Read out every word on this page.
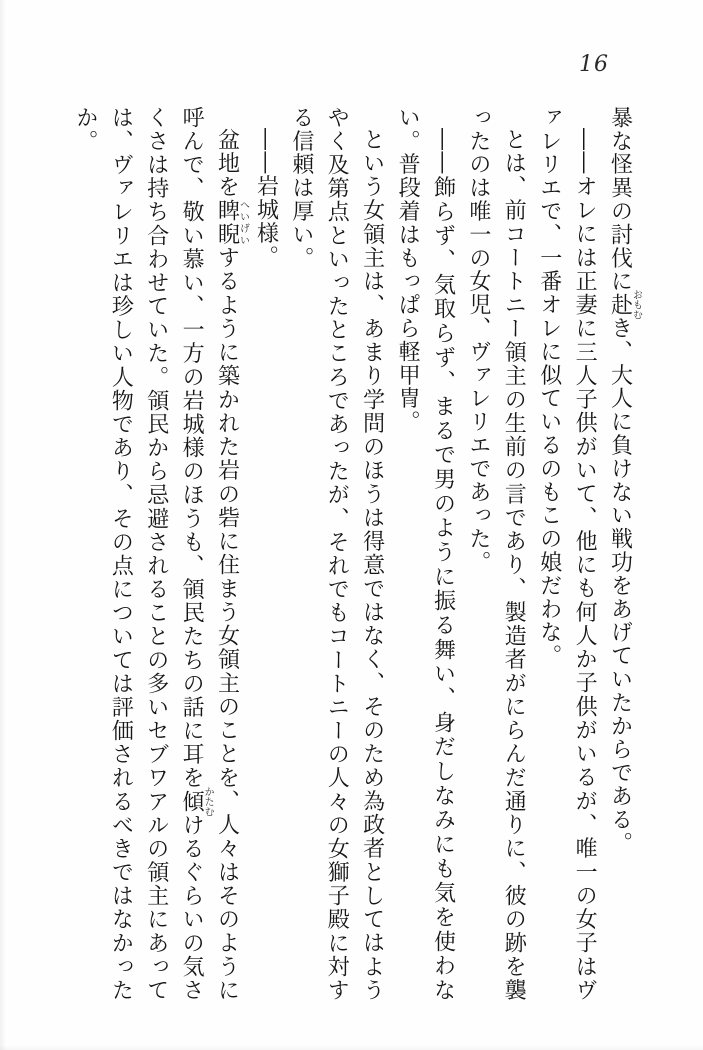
16

暴な怪異の討伐に赴おもむき、大人に負けない戦功をあげていたからである。

――オレには正妻に三人子供がいて、他にも何人か子供がいるが、唯一の女子はヴァレリエで、一番オレに似ているのもこの娘だわな。

とは、前コートニー領主の生前の言であり、製造者がにらんだ通りに、彼の跡を襲ったのは唯一の女児、ヴァレリエであった。

――飾らず、気取らず、まるで男のように振る舞い、身だしなみにも気を使わない。普段着はもっぱら軽甲冑。

という女領主は、あまり学問のほうは得意ではなく、そのため為政者としてはようやく及第点といったところであったが、それでもコートニーの人々の女獅子殿に対する信頼は厚い。

――岩城様。

盆地を睥睨へいげいするように築かれた岩の砦に住まう女領主のことを、人々はそのように呼んで、敬い慕い、一方の岩城様のほうも、領民たちの話に耳を傾かたむけるぐらいの気さくさは持ち合わせていた。領民から忌避されることの多いセブワアルの領主にあっては、ヴァレリエは珍しい人物であり、その点については評価されるべきではなかったか。
